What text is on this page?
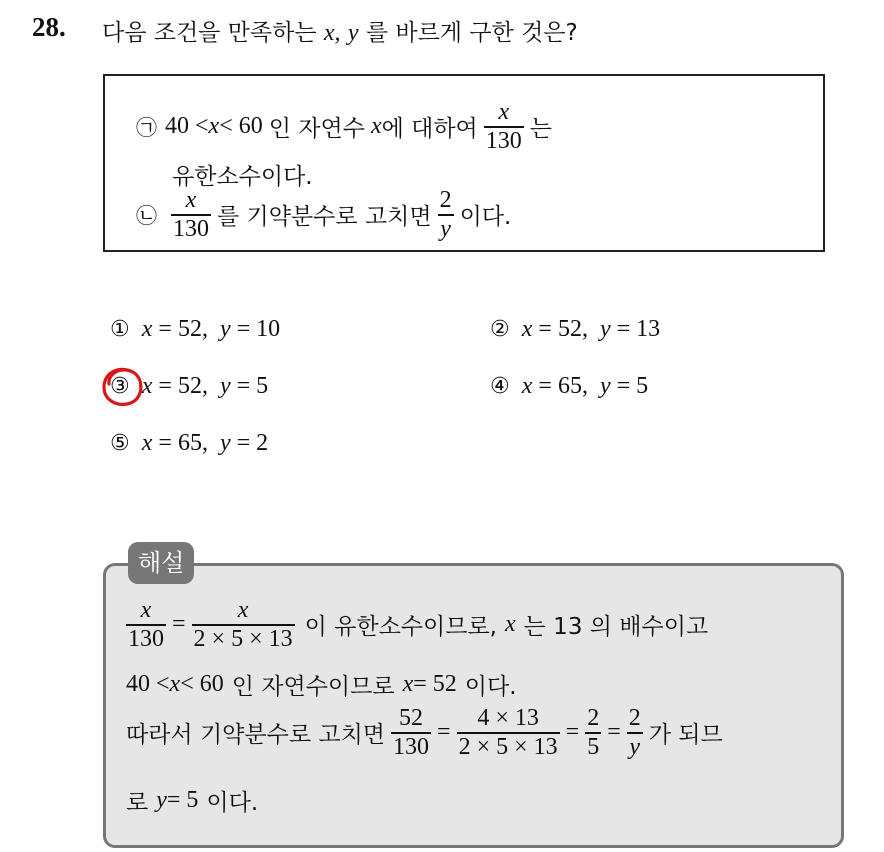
28. 다음 조건을 만족하는 x, y 를 바르게 구한 것은?
㉠ 40 < x < 60 인 자연수 x 에 대하여 $\frac{x}{130}$ 는
유한소수이다.
㉡ $\frac{x}{130}$ 를 기약분수로 고치면 $\frac{2}{y}$ 이다.
① x = 52 , y = 10	② x = 52 , y = 13
③ x = 52 , y = 5	④ x = 65 , y = 5
⑤ x = 65 , y = 2
해설
$\frac{x}{130} = \frac{x}{2 \times 5 \times 13}$ 이 유한소수이므로, x 는 13 의 배수이고
40 < x < 60 인 자연수이므로 x = 52 이다.
따라서 기약분수로 고치면 $\frac{52}{130} = \frac{4 \times 13}{2 \times 5 \times 13} = \frac{2}{5} = \frac{2}{y}$ 가 되므
로 y = 5 이다.
